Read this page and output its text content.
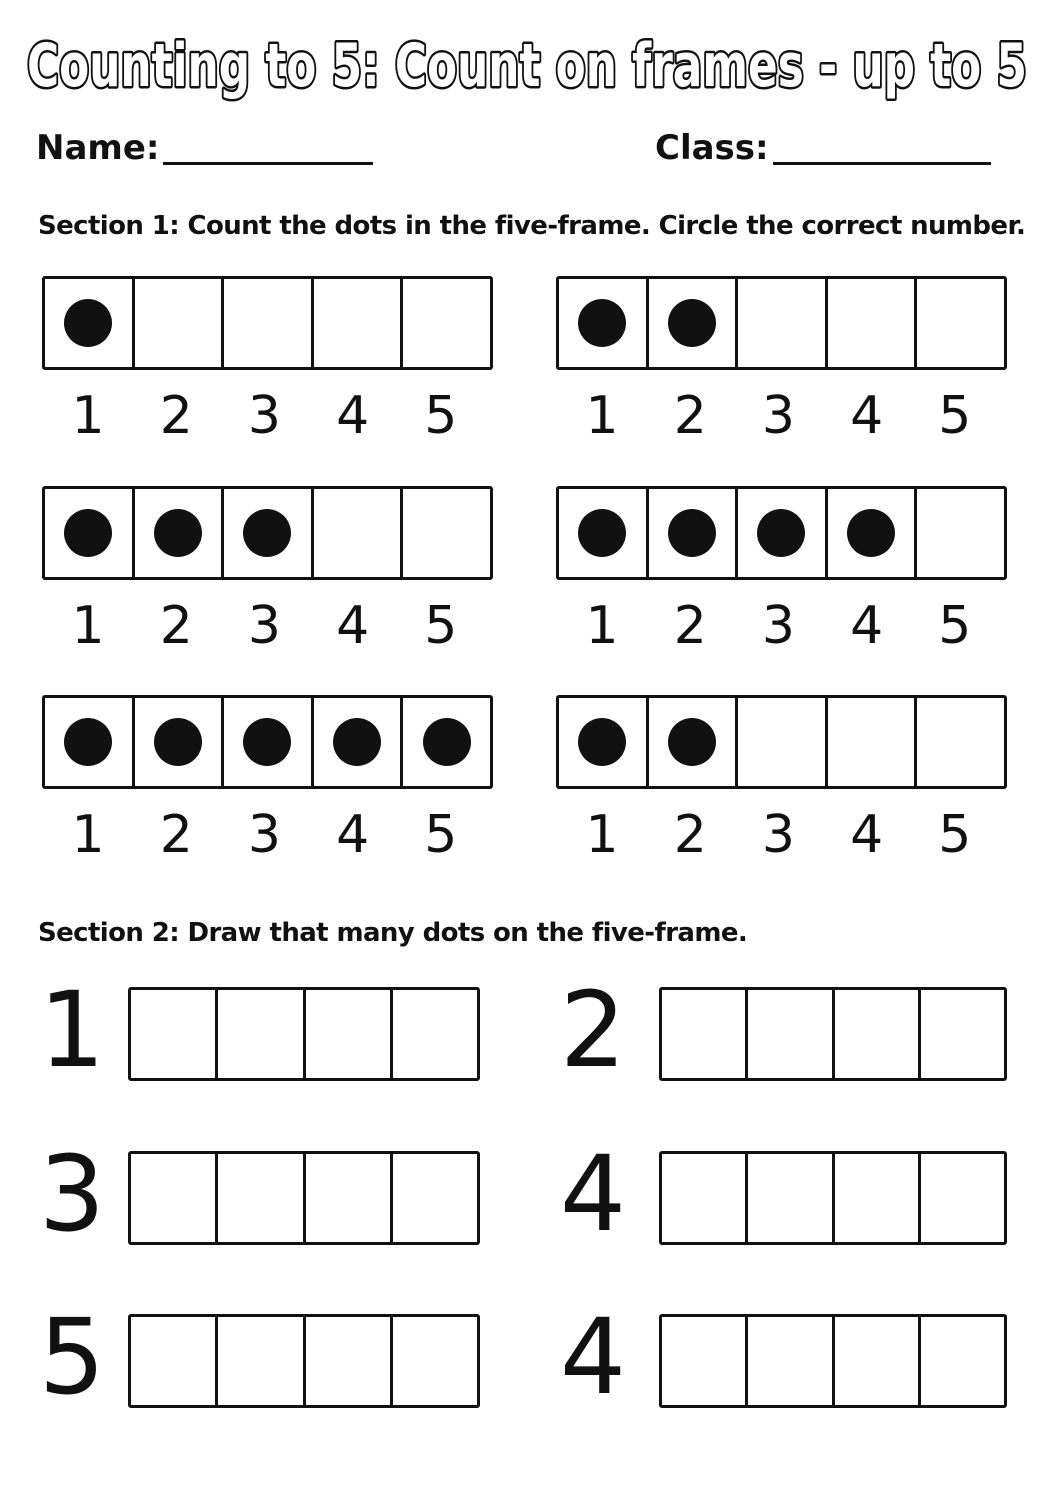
Counting to 5: Count on frames - up to 5
Name:	Class:
Section 1: Count the dots in the five-frame. Circle the correct number.
1 2 3 4 5 1 2 3 4 5
1 2 3 4 5 1 2 3 4 5
1 2 3 4 5 1 2 3 4 5
Section 2: Draw that many dots on the five-frame.
1	2
3	4
5	4
